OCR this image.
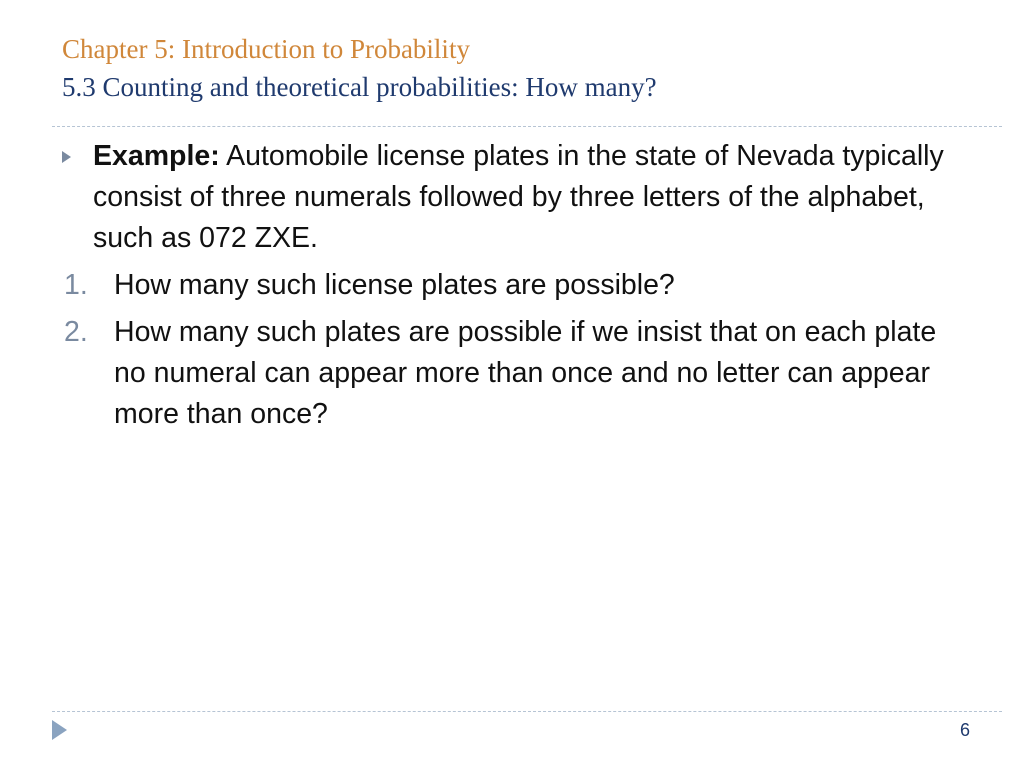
Chapter 5: Introduction to Probability
5.3 Counting and theoretical probabilities: How many?
Example: Automobile license plates in the state of Nevada typically consist of three numerals followed by three letters of the alphabet, such as 072 ZXE.
1. How many such license plates are possible?
2. How many such plates are possible if we insist that on each plate no numeral can appear more than once and no letter can appear more than once?
6
